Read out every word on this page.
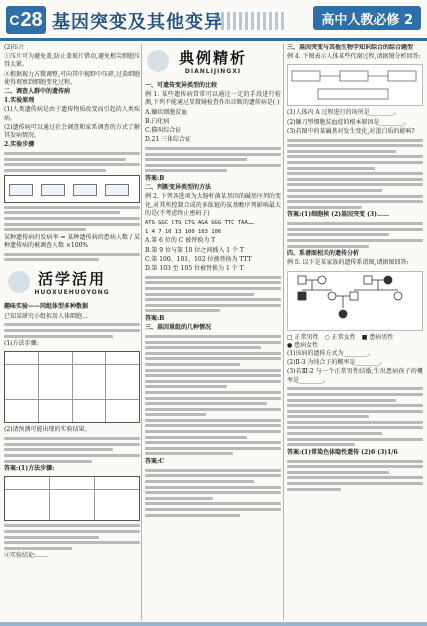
C 28 基因突变及其他变异	高中人教必修 2

(2)压片

①压片可为避免盖,防止盖玻片错动,避免根尖细胞压得太紧。

②根据视力方微调整,可向其中视野中压碎,过染细胞使得观察到细胞变化过程。

二、调查人群中的遗传病

1.实验原理

(1)人类遗传病是由于遗传物质改变而引起的人类疾病。

(2)遗传病可以通过社会调查和家系调查的方式了解其发病情况。

2.实验步骤

某种遗传病的发病率 = 某种遗传病的患病人数 / 某种遗传病的被调查人数 ×100%

活学活用
HUOXUEHUOYONG

趣味实验——同组体型多种数据

已知某研究小组拟用人体细胞...

(1)方法步骤:

(2)请预测可能出现的实验结果。

答案:(1)方法步骤:

④实验结论:……

典例精析
DIANLIJINGXI

一、可遗传变异类型的比较

例 1. 某些遗传病常常可以通过一定的手段进行检测,下列不能通过显微镜检查作出诊断的遗传病是( )

A.镰状细胞贫血

B.白化病

C.猫叫综合征

D.21 三体综合征

答案:B

二、判断变异类型的方法

例 2. 下列各选项为大肠杆菌某基因的碱基序列的变化,对其所控制合成的多肽链的氨基酸序列影响最大的是(不考虑终止密码子)

ATG GGC CTG CTG AGA GGG TTC TAA……

1 4 7 10 13 100 103 106

A.第 6 位的 C 被替换为 T

B.第 9 位与第 10 位之间插入 1 个 T

C.第 100、101、102 位被替换为 TTT

D.第 103 至 105 位被替换为 1 个 T

答案:B

三、基因重组的几种情况

答案:C

三、基因突变与其他生物学知识综合的综合题型

例 4. 下图表示人体某些代谢过程,请据图分析回答:

(1)人体内 A 过程进行的场所是________。

(2)镰刀型细胞贫血症的根本原因是________。

(3)若图中的某碱基对发生变化,对蛋白质的影响?

答案:(1)细胞核 (2)基因突变 (3)……

四、系谱图相关的遗传分析

例 5. 以下是某家族的遗传系谱图,请据图回答:

□ 正常男性 ○ 正常女性 ■ 患病男性
● 患病女性

(1)该病的遗传方式为________。

(2)Ⅱ-3 为纯合子的概率是________。

(3)若Ⅲ-2 与一个正常男性结婚,生出患病孩子的概率是________。

答案:(1)常染色体隐性遗传 (2)0 (3)1/6
